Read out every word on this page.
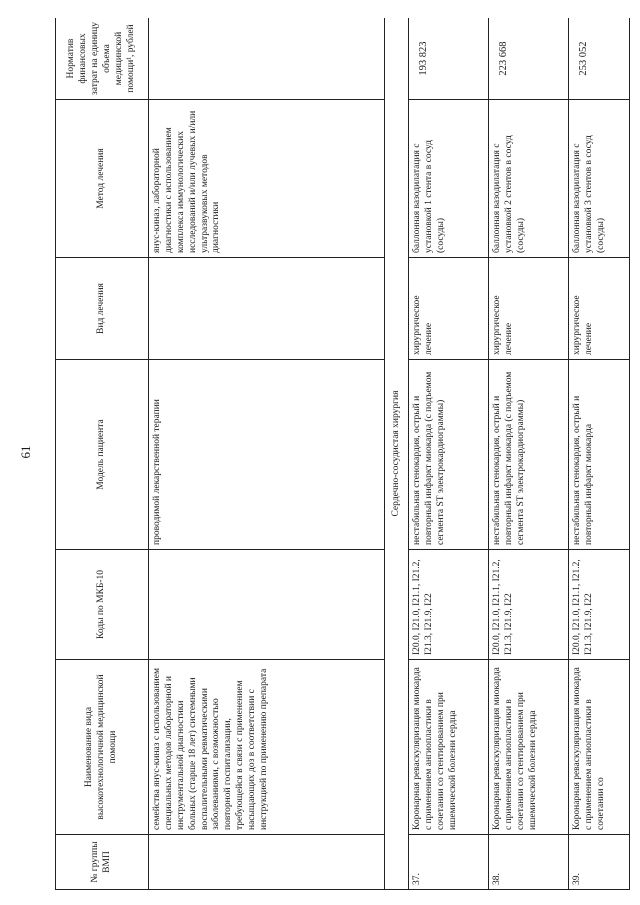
61
№ группы ВМП	Наименование вида высокотехнологичной медицинской помощи	Коды по МКБ-10	Модель пациента	Вид лечения	Метод лечения	Норматив финансовых затрат на единицу объема медицинской помощи¹, рублей
	семейства янус-киназ с использованием специальных методов лабораторной и инструментальной диагностики больных (старше 18 лет) системными воспалительными ревматическими заболеваниями, с возможностью повторной госпитализации, требующейся в связи с применением насыщающих доз в соответствии с инструкцией по применению препарата		проводимой лекарственной терапии		янус-киназ, лабораторной диагностики с использованием комплекса иммунологических исследований и/или лучевых и/или ультразвуковых методов диагностики	
Сердечно-сосудистая хирургия						
37.	Коронарная реваскуляризация миокарда с применением ангиопластики в сочетании со стентированием при ишемической болезни сердца	I20.0, I21.0, I21.1, I21.2, I21.3, I21.9, I22	нестабильная стенокардия, острый и повторный инфаркт миокарда (с подъемом сегмента ST электрокардиограммы)	хирургическое лечение	баллонная вазодилатация с установкой 1 стента в сосуд (сосуды)	193 823
38.	Коронарная реваскуляризация миокарда с применением ангиопластики в сочетании со стентированием при ишемической болезни сердца	I20.0, I21.0, I21.1, I21.2, I21.3, I21.9, I22	нестабильная стенокардия, острый и повторный инфаркт миокарда (с подъемом сегмента ST электрокардиограммы)	хирургическое лечение	баллонная вазодилатация с установкой 2 стентов в сосуд (сосуды)	223 668
39.	Коронарная реваскуляризация миокарда с применением ангиопластики в сочетании со	I20.0, I21.0, I21.1, I21.2, I21.3, I21.9, I22	нестабильная стенокардия, острый и повторный инфаркт миокарда	хирургическое лечение	баллонная вазодилатация с установкой 3 стентов в сосуд (сосуды)	253 052
